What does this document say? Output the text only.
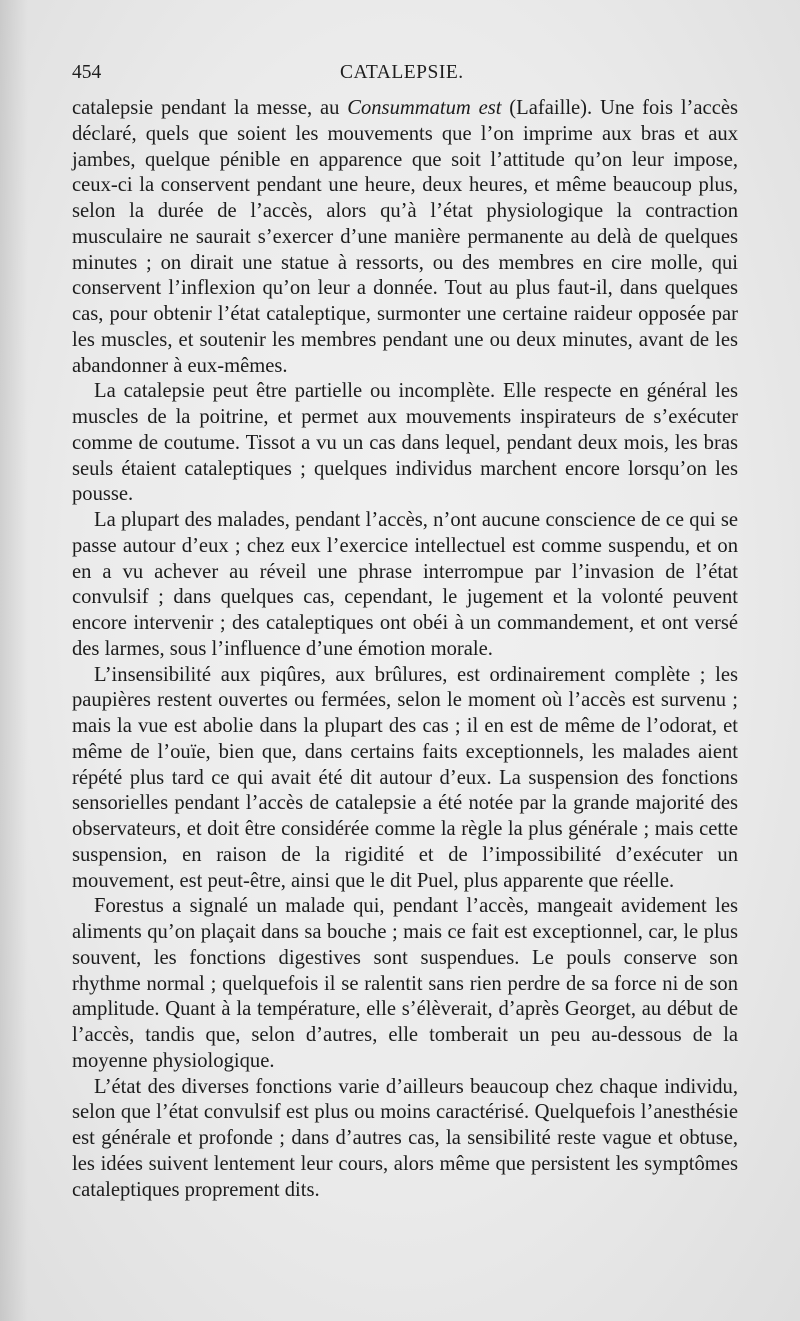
454	CATALEPSIE.

catalepsie pendant la messe, au Consummatum est (Lafaille). Une fois l’accès déclaré, quels que soient les mouvements que l’on imprime aux bras et aux jambes, quelque pénible en apparence que soit l’attitude qu’on leur impose, ceux-ci la conservent pendant une heure, deux heures, et même beaucoup plus, selon la durée de l’accès, alors qu’à l’état physiologique la contraction musculaire ne saurait s’exercer d’une manière permanente au delà de quelques minutes ; on dirait une statue à ressorts, ou des membres en cire molle, qui conservent l’inflexion qu’on leur a donnée. Tout au plus faut-il, dans quelques cas, pour obtenir l’état cataleptique, surmonter une certaine raideur opposée par les muscles, et soutenir les membres pendant une ou deux minutes, avant de les abandonner à eux-mêmes.

La catalepsie peut être partielle ou incomplète. Elle respecte en général les muscles de la poitrine, et permet aux mouvements inspirateurs de s’exécuter comme de coutume. Tissot a vu un cas dans lequel, pendant deux mois, les bras seuls étaient cataleptiques ; quelques individus marchent encore lorsqu’on les pousse.

La plupart des malades, pendant l’accès, n’ont aucune conscience de ce qui se passe autour d’eux ; chez eux l’exercice intellectuel est comme suspendu, et on en a vu achever au réveil une phrase interrompue par l’invasion de l’état convulsif ; dans quelques cas, cependant, le jugement et la volonté peuvent encore intervenir ; des cataleptiques ont obéi à un commandement, et ont versé des larmes, sous l’influence d’une émotion morale.

L’insensibilité aux piqûres, aux brûlures, est ordinairement complète ; les paupières restent ouvertes ou fermées, selon le moment où l’accès est survenu ; mais la vue est abolie dans la plupart des cas ; il en est de même de l’odorat, et même de l’ouïe, bien que, dans certains faits exceptionnels, les malades aient répété plus tard ce qui avait été dit autour d’eux. La suspension des fonctions sensorielles pendant l’accès de catalepsie a été notée par la grande majorité des observateurs, et doit être considérée comme la règle la plus générale ; mais cette suspension, en raison de la rigidité et de l’impossibilité d’exécuter un mouvement, est peut-être, ainsi que le dit Puel, plus apparente que réelle.

Forestus a signalé un malade qui, pendant l’accès, mangeait avidement les aliments qu’on plaçait dans sa bouche ; mais ce fait est exceptionnel, car, le plus souvent, les fonctions digestives sont suspendues. Le pouls conserve son rhythme normal ; quelquefois il se ralentit sans rien perdre de sa force ni de son amplitude. Quant à la température, elle s’élèverait, d’après Georget, au début de l’accès, tandis que, selon d’autres, elle tomberait un peu au-dessous de la moyenne physiologique.

L’état des diverses fonctions varie d’ailleurs beaucoup chez chaque individu, selon que l’état convulsif est plus ou moins caractérisé. Quelquefois l’anesthésie est générale et profonde ; dans d’autres cas, la sensibilité reste vague et obtuse, les idées suivent lentement leur cours, alors même que persistent les symptômes cataleptiques proprement dits.
